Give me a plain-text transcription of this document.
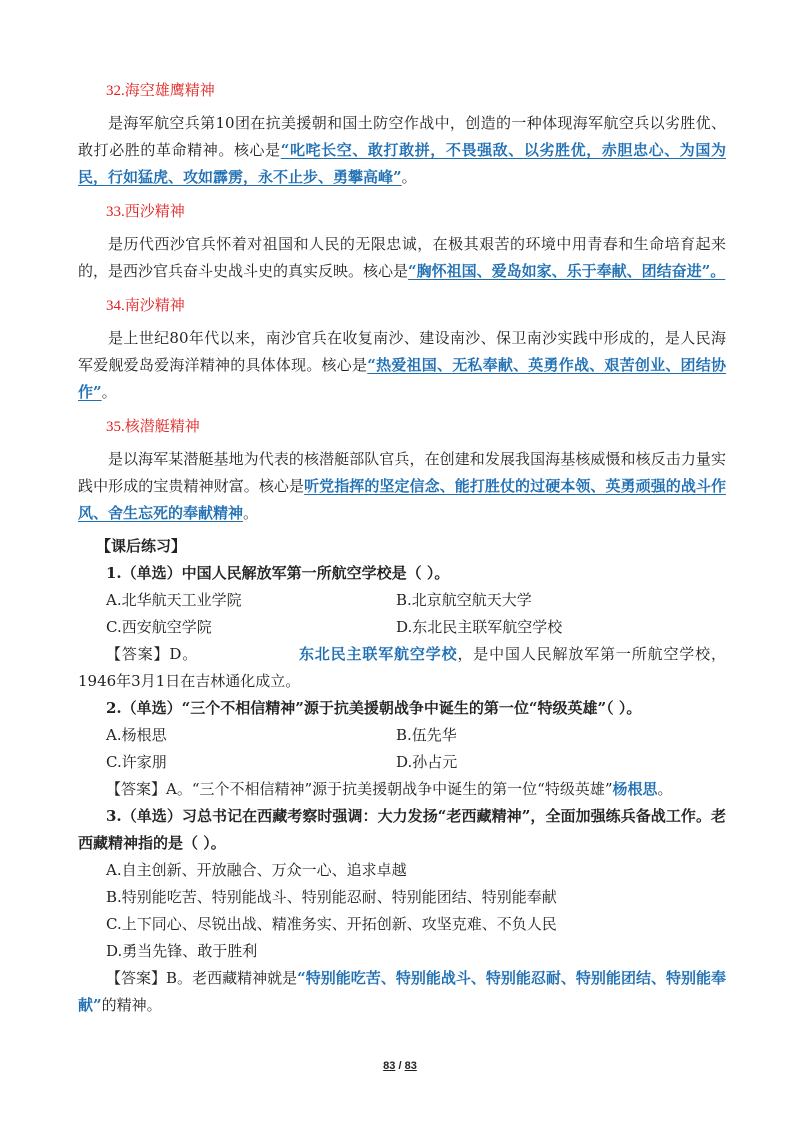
32.海空雄鹰精神

是海军航空兵第10团在抗美援朝和国土防空作战中，创造的一种体现海军航空兵以劣胜优、敢打必胜的革命精神。核心是“叱咤长空、敢打敢拼，不畏强敌、以劣胜优，赤胆忠心、为国为民，行如猛虎、攻如霹雳，永不止步、勇攀高峰”。

33.西沙精神

是历代西沙官兵怀着对祖国和人民的无限忠诚，在极其艰苦的环境中用青春和生命培育起来的，是西沙官兵奋斗史战斗史的真实反映。核心是“胸怀祖国、爱岛如家、乐于奉献、团结奋进”。

34.南沙精神

是上世纪80年代以来，南沙官兵在收复南沙、建设南沙、保卫南沙实践中形成的，是人民海军爱舰爱岛爱海洋精神的具体体现。核心是“热爱祖国、无私奉献、英勇作战、艰苦创业、团结协作”。

35.核潜艇精神

是以海军某潜艇基地为代表的核潜艇部队官兵，在创建和发展我国海基核威慑和核反击力量实践中形成的宝贵精神财富。核心是听党指挥的坚定信念、能打胜仗的过硬本领、英勇顽强的战斗作风、舍生忘死的奉献精神。

【课后练习】

1.（单选）中国人民解放军第一所航空学校是（ ）。

A.北华航天工业学院	B.北京航空航天大学
C.西安航空学院	D.东北民主联军航空学校

【答案】D。	东北民主联军航空学校，是中国人民解放军第一所航空学校，1946年3月1日在吉林通化成立。

2.（单选）“三个不相信精神”源于抗美援朝战争中诞生的第一位“特级英雄”（ ）。

A.杨根思	B.伍先华
C.许家朋	D.孙占元

【答案】A。“三个不相信精神”源于抗美援朝战争中诞生的第一位“特级英雄”杨根思。

3.（单选）习总书记在西藏考察时强调：大力发扬“老西藏精神”，全面加强练兵备战工作。老西藏精神指的是（ ）。

A.自主创新、开放融合、万众一心、追求卓越
B.特别能吃苦、特别能战斗、特别能忍耐、特别能团结、特别能奉献
C.上下同心、尽锐出战、精准务实、开拓创新、攻坚克难、不负人民
D.勇当先锋、敢于胜利

【答案】B。老西藏精神就是“特别能吃苦、特别能战斗、特别能忍耐、特别能团结、特别能奉献”的精神。

83 / 83
